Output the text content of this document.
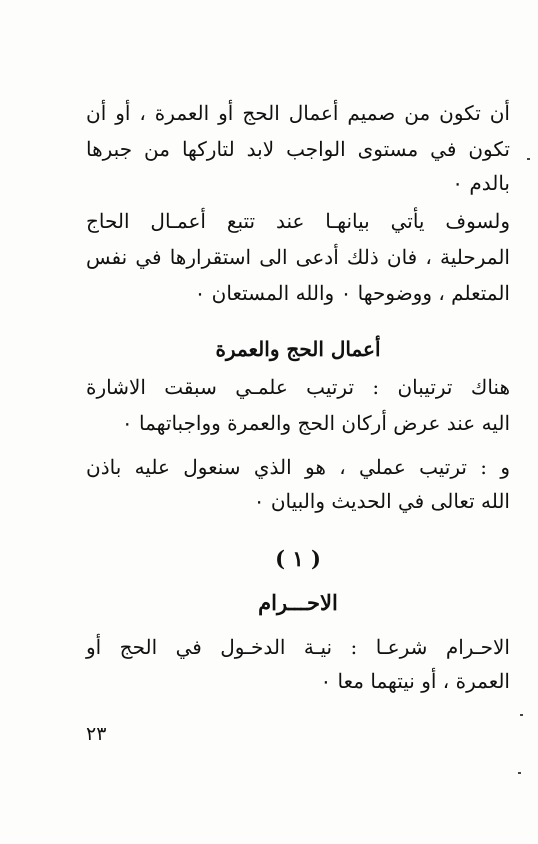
أن تكون من صميم أعمال الحج أو العمرة ، أو أن
تكون في مستوى الواجب لابد لتاركها من جبرها
بالدم ٠
ولسوف يأتي بيانهـا عند تتبع أعمـال الحاج
المرحلية ، فان ذلك أدعى الى استقرارها في نفس
المتعلم ، ووضوحها ٠ والله المستعان ٠
أعمال الحج والعمرة
هناك ترتيبان : ترتيب علمـي سبقت الاشارة
اليه عند عرض أركان الحج والعمرة وواجباتهما ٠
و : ترتيب عملي ، هو الذي سنعول عليه باذن
الله تعالى في الحديث والبيان ٠
( ١ )
الاحـــرام
الاحـرام شرعـا : نيـة الدخـول في الحج أو
العمرة ، أو نيتهما معا ٠
٢٣
